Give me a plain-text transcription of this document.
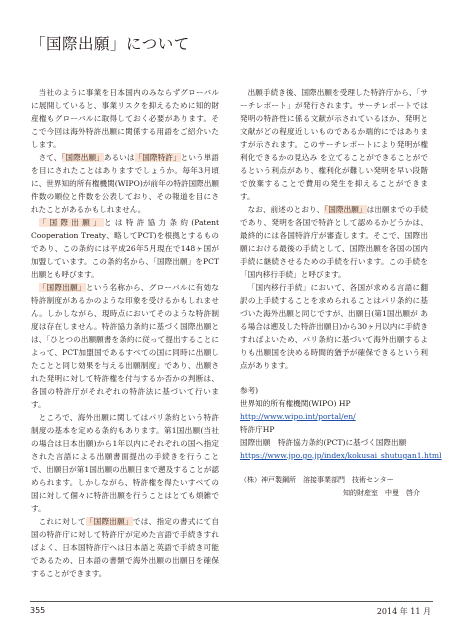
「国際出願」について

当社のように事業を日本国内のみならずグローバルに展開していると、事業リスクを抑えるために知的財産権もグローバルに取得しておく必要があります。そこで今回は海外特許出願に関係する用語をご紹介いたします。

さて、「国際出願」あるいは「国際特許」という単語を目にされたことはありますでしょうか。毎年3月頃に、世界知的所有権機関(WIPO)が前年の特許国際出願件数の順位と件数を公表しており、その報道を目にされたことがあるかもしれません。

「国際出願」とは特許協力条約(Patent Cooperation Treaty、略してPCT)を根拠とするものであり、この条約には平成26年5月現在で148ヶ国が加盟しています。この条約名から、「国際出願」をPCT出願とも呼びます。

「国際出願」という名称から、グローバルに有効な特許制度があるかのような印象を受けるかもしれません。しかしながら、現時点においてそのような特許制度は存在しません。特許協力条約に基づく国際出願とは、「ひとつの出願願書を条約に従って提出することによって、PCT加盟国であるすべての国に同時に出願したことと同じ効果を与える出願制度」であり、出願された発明に対して特許権を付与するか否かの判断は、各国の特許庁がそれぞれの特許法に基づいて行います。

ところで、海外出願に関してはパリ条約という特許制度の基本を定める条約もあります。第1国出願(当社の場合は日本出願)から1年以内にそれぞれの国へ指定された言語による出願書面提出の手続きを行うことで、出願日が第1国出願の出願日まで遡及することが認められます。しかしながら、特許権を得たいすべての国に対して個々に特許出願を行うことはとても煩雑です。

これに対して「国際出願」では、指定の書式にて自国の特許庁に対して特許庁が定めた言語で手続きすればよく、日本国特許庁へは日本語と英語で手続き可能であるため、日本語の書類で海外出願の出願日を確保することができます。

出願手続き後、国際出願を受理した特許庁から、「サーチレポート」が発行されます。サーチレポートでは発明の特許性に係る文献が示されているほか、発明と文献がどの程度近しいものであるか端的にではありますが示されます。このサーチレポートにより発明が権利化できるかの見込み を立てることができることがでるという利点があり、権利化が難しい発明を早い段階で放棄することで費用の発生を抑えることができます。

なお、前述のとおり、「国際出願」は出願までの手続であり、発明を各国で特許として認めるかどうかは、最終的には各国特許庁が審査します。そこで、国際出願における最後の手続として、国際出願を各国の国内手続に継続させるための手続を行います。この手続を「国内移行手続」と呼びます。

「国内移行手続」において、各国が求める言語に翻訳の上手続することを求められることはパリ条約に基づいた海外出願と同じですが、出願日(第1国出願が ある場合は遡及した特許出願日)から30ヶ月以内に手続きすればよいため、パリ条約に基づいて海外出願するよりも出願国を決める時間的猶予が確保できるという利点があります。

参考)
世界知的所有権機関(WIPO) HP
http://www.wipo.int/portal/en/
特許庁HP
国際出願　特許協力条約(PCT)に基づく国際出願
https://www.jpo.go.jp/index/kokusai_shutugan1.html
（株）神戸製鋼所　溶接事業部門　技術センター
知的財産室　中曼　啓介
355	2014 年 11 月
